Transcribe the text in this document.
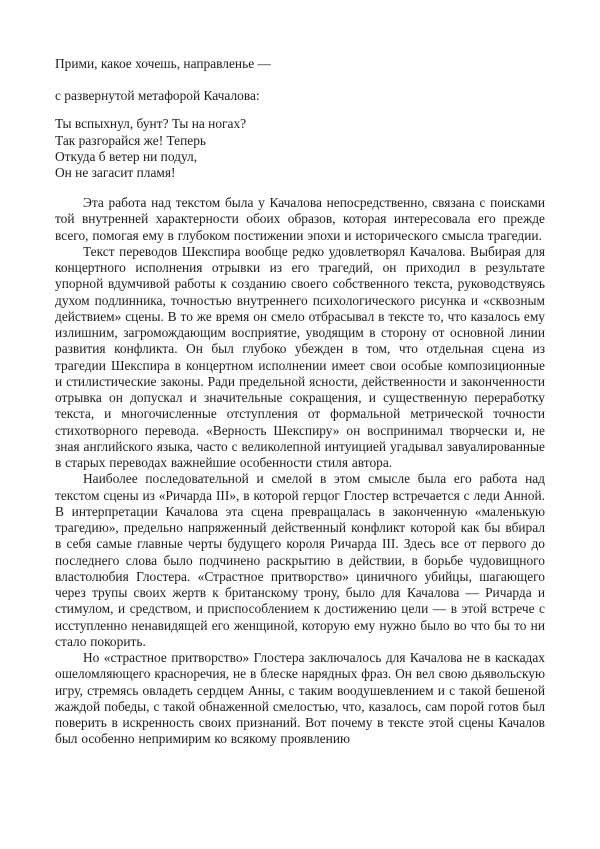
Прими, какое хочешь, направленье —
с развернутой метафорой Качалова:
Ты вспыхнул, бунт? Ты на ногах?
Так разгорайся же! Теперь
Откуда б ветер ни подул,
Он не загасит пламя!

Эта работа над текстом была у Качалова непосредственно, связана с поисками той внутренней характерности обоих образов, которая интересовала его прежде всего, помогая ему в глубоком постижении эпохи и исторического смысла трагедии.

Текст переводов Шекспира вообще редко удовлетворял Качалова. Выбирая для концертного исполнения отрывки из его трагедий, он приходил в результате упорной вдумчивой работы к созданию своего собственного текста, руководствуясь духом подлинника, точностью внутреннего психологического рисунка и «сквозным действием» сцены. В то же время он смело отбрасывал в тексте то, что казалось ему излишним, загромождающим восприятие, уводящим в сторону от основной линии развития конфликта. Он был глубоко убежден в том, что отдельная сцена из трагедии Шекспира в концертном исполнении имеет свои особые композиционные и стилистические законы. Ради предельной ясности, действенности и законченности отрывка он допускал и значительные сокращения, и существенную переработку текста, и многочисленные отступления от формальной метрической точности стихотворного перевода. «Верность Шекспиру» он воспринимал творчески и, не зная английского языка, часто с великолепной интуицией угадывал завуалированные в старых переводах важнейшие особенности стиля автора.

Наиболее последовательной и смелой в этом смысле была его работа над текстом сцены из «Ричарда III», в которой герцог Глостер встречается с леди Анной. В интерпретации Качалова эта сцена превращалась в законченную «маленькую трагедию», предельно напряженный действенный конфликт которой как бы вбирал в себя самые главные черты будущего короля Ричарда III. Здесь все от первого до последнего слова было подчинено раскрытию в действии, в борьбе чудовищного властолюбия Глостера. «Страстное притворство» циничного убийцы, шагающего через трупы своих жертв к британскому трону, было для Качалова — Ричарда и стимулом, и средством, и приспособлением к достижению цели — в этой встрече с исступленно ненавидящей его женщиной, которую ему нужно было во что бы то ни стало покорить.

Но «страстное притворство» Глостера заключалось для Качалова не в каскадах ошеломляющего красноречия, не в блеске нарядных фраз. Он вел свою дьявольскую игру, стремясь овладеть сердцем Анны, с таким воодушевлением и с такой бешеной жаждой победы, с такой обнаженной смелостью, что, казалось, сам порой готов был поверить в искренность своих признаний. Вот почему в тексте этой сцены Качалов был особенно непримирим ко всякому проявлению
